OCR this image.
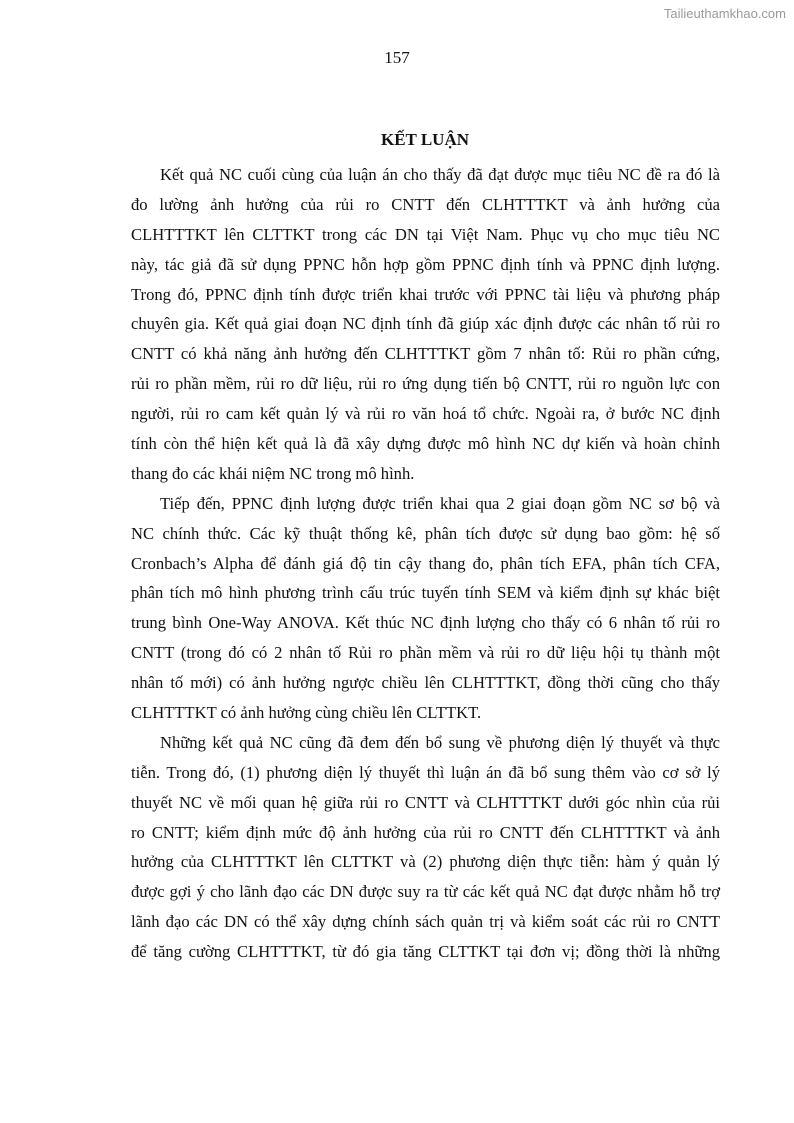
Tailieuthamkhao.com
157
KẾT LUẬN
Kết quả NC cuối cùng của luận án cho thấy đã đạt được mục tiêu NC đề ra đó là
đo lường ảnh hưởng của rủi ro CNTT đến CLHTTTKT và ảnh hưởng của
CLHTTTKT lên CLTTKT trong các DN tại Việt Nam. Phục vụ cho mục tiêu NC
này, tác giả đã sử dụng PPNC hỗn hợp gồm PPNC định tính và PPNC định lượng.
Trong đó, PPNC định tính được triển khai trước với PPNC tài liệu và phương pháp
chuyên gia. Kết quả giai đoạn NC định tính đã giúp xác định được các nhân tố rủi ro
CNTT có khả năng ảnh hưởng đến CLHTTTKT gồm 7 nhân tố: Rủi ro phần cứng,
rủi ro phần mềm, rủi ro dữ liệu, rủi ro ứng dụng tiến bộ CNTT, rủi ro nguồn lực con
người, rủi ro cam kết quản lý và rủi ro văn hoá tổ chức. Ngoài ra, ở bước NC định
tính còn thể hiện kết quả là đã xây dựng được mô hình NC dự kiến và hoàn chỉnh
thang đo các khái niệm NC trong mô hình.
Tiếp đến, PPNC định lượng được triển khai qua 2 giai đoạn gồm NC sơ bộ và
NC chính thức. Các kỹ thuật thống kê, phân tích được sử dụng bao gồm: hệ số
Cronbach’s Alpha để đánh giá độ tin cậy thang đo, phân tích EFA, phân tích CFA,
phân tích mô hình phương trình cấu trúc tuyến tính SEM và kiểm định sự khác biệt
trung bình One-Way ANOVA. Kết thúc NC định lượng cho thấy có 6 nhân tố rủi ro
CNTT (trong đó có 2 nhân tố Rủi ro phần mềm và rủi ro dữ liệu hội tụ thành một
nhân tố mới) có ảnh hưởng ngược chiều lên CLHTTTKT, đồng thời cũng cho thấy
CLHTTTKT có ảnh hưởng cùng chiều lên CLTTKT.
Những kết quả NC cũng đã đem đến bổ sung về phương diện lý thuyết và thực
tiễn. Trong đó, (1) phương diện lý thuyết thì luận án đã bổ sung thêm vào cơ sở lý
thuyết NC về mối quan hệ giữa rủi ro CNTT và CLHTTTKT dưới góc nhìn của rủi
ro CNTT; kiểm định mức độ ảnh hưởng của rủi ro CNTT đến CLHTTTKT và ảnh
hưởng của CLHTTTKT lên CLTTKT và (2) phương diện thực tiễn: hàm ý quản lý
được gợi ý cho lãnh đạo các DN được suy ra từ các kết quả NC đạt được nhằm hỗ trợ
lãnh đạo các DN có thể xây dựng chính sách quản trị và kiểm soát các rủi ro CNTT
để tăng cường CLHTTTKT, từ đó gia tăng CLTTKT tại đơn vị; đồng thời là những
